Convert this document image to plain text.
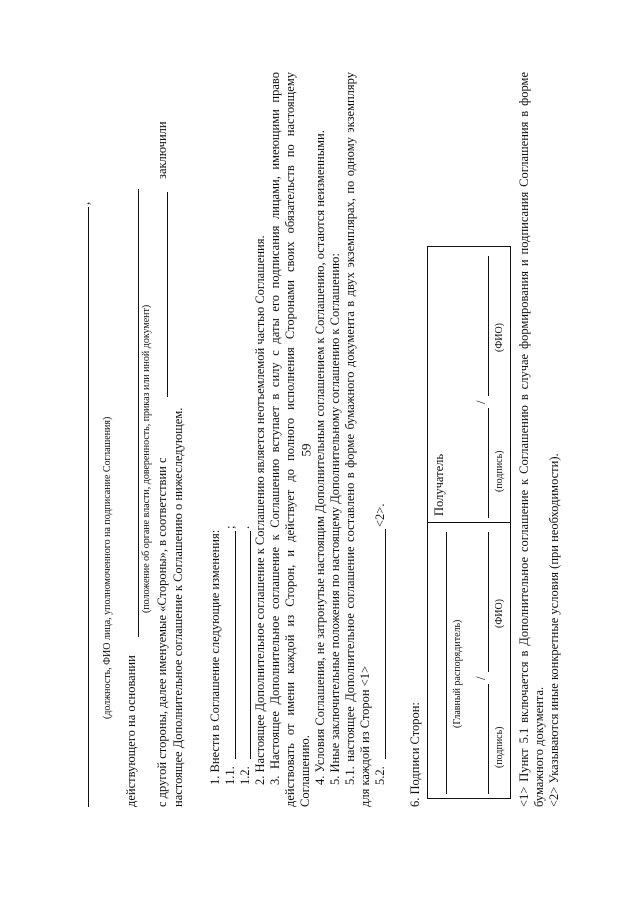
,
(должность, ФИО лица, уполномоченного на подписание Соглашения)
действующего на основании
(положение об органе власти, доверенность, приказ или иной документ) с другой стороны, далее именуемые «Стороны», в соответствии с
заключили
настоящее Дополнительное соглашение к Соглашению о нижеследующем. 1. Внести в Соглашение следующие изменения: 1.1.
;
1.2.
. 2. Настоящее Дополнительное соглашение к Соглашению является неотъемлемой частью Соглашения. 3. Настоящее Дополнительное соглашение к Соглашению вступает в силу с даты его подписания лицами, имеющими право действовать от имени каждой из Сторон, и действует до полного исполнения Сторонами своих обязательств по настоящему Соглашению. 4. Условия Соглашения, не затронутые настоящим Дополнительным соглашением к Соглашению, остаются неизменными. 5. Иные заключительные положения по настоящему Дополнительному соглашению к Соглашению: 5.1. настоящее Дополнительное соглашение составлено в форме бумажного документа в двух экземплярах, по одному экземпляру для каждой из Сторон <1> 5.2.
<2>.
6. Подписи Сторон:
(Главный распорядитель) /
(подпись)
(ФИО)

Получатель
/
(подпись)
(ФИО) <1> Пункт 5.1 включается в Дополнительное соглашение к Соглашению в случае формирования и подписания Соглашения в форме бумажного документа. <2> Указываются иные конкретные условия (при необходимости).

59
